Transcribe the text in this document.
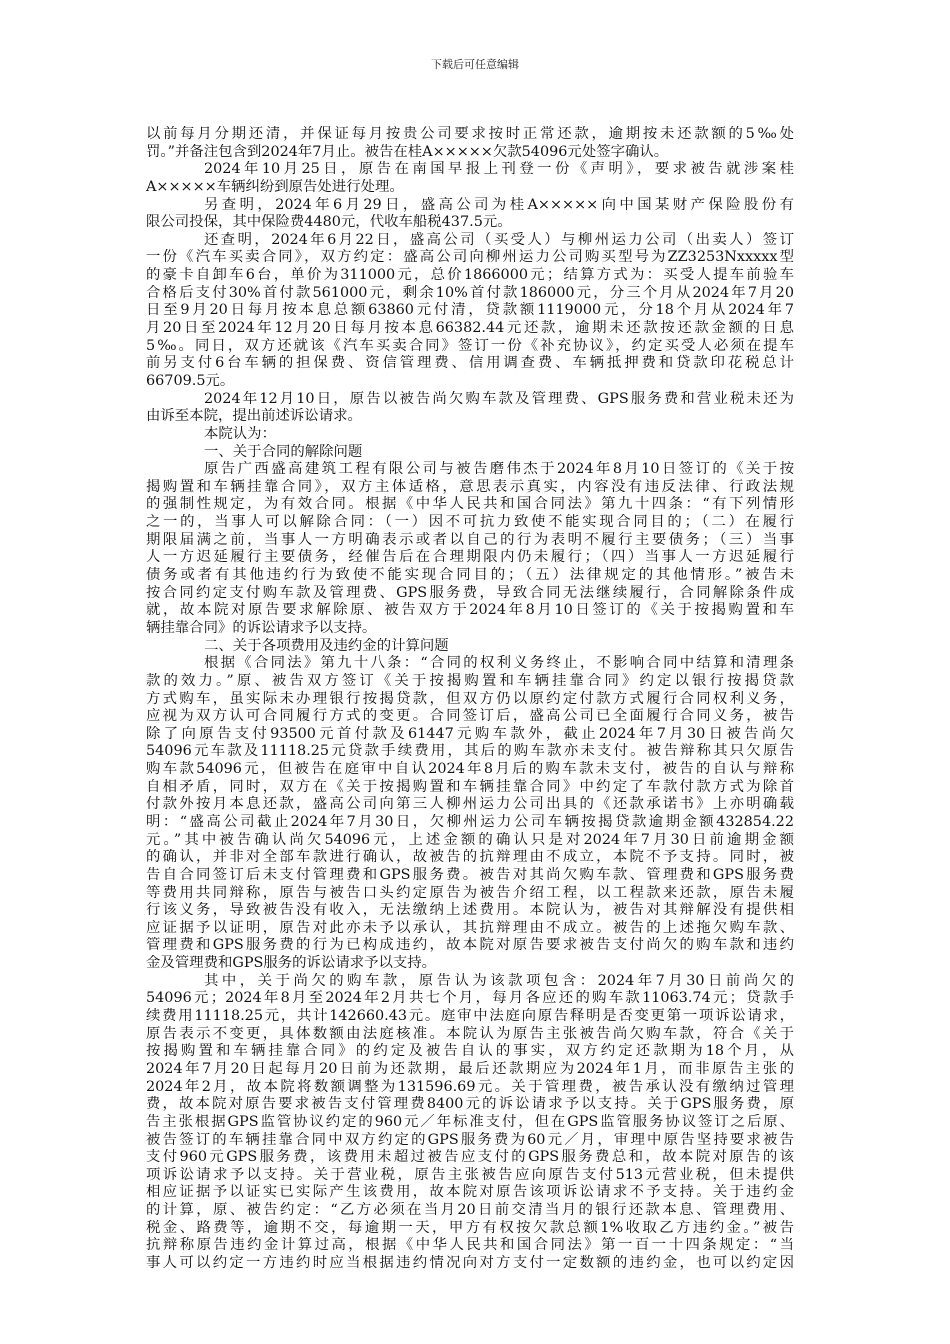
下载后可任意编辑
以前每月分期还清，并保证每月按贵公司要求按时正常还款，逾期按未还款额的5‰处
罚。”并备注包含到2024年7月止。被告在桂A×××××欠款54096元处签字确认。
2024年10月25日，原告在南国早报上刊登一份《声明》，要求被告就涉案桂
A×××××车辆纠纷到原告处进行处理。
另查明，2024年6月29日，盛高公司为桂A×××××向中国某财产保险股份有
限公司投保，其中保险费4480元，代收车船税437.5元。
还查明，2024年6月22日，盛高公司（买受人）与柳州运力公司（出卖人）签订
一份《汽车买卖合同》，双方约定：盛高公司向柳州运力公司购买型号为ZZ3253Nxxxxx型
的豪卡自卸车6台，单价为311000元，总价1866000元；结算方式为：买受人提车前验车
合格后支付30%首付款561000元，剩余10%首付款186000元，分三个月从2024年7月20
日至9月20日每月按本息总额63860元付清，贷款额1119000元，分18个月从2024年7
月20日至2024年12月20日每月按本息66382.44元还款，逾期未还款按还款金额的日息
5‰。同日，双方还就该《汽车买卖合同》签订一份《补充协议》，约定买受人必须在提车
前另支付6台车辆的担保费、资信管理费、信用调查费、车辆抵押费和贷款印花税总计
66709.5元。
2024年12月10日，原告以被告尚欠购车款及管理费、GPS服务费和营业税未还为
由诉至本院，提出前述诉讼请求。
本院认为：
一、关于合同的解除问题
原告广西盛高建筑工程有限公司与被告磨伟杰于2024年8月10日签订的《关于按
揭购置和车辆挂靠合同》，双方主体适格，意思表示真实，内容没有违反法律、行政法规
的强制性规定，为有效合同。根据《中华人民共和国合同法》第九十四条：“有下列情形
之一的，当事人可以解除合同：（一）因不可抗力致使不能实现合同目的；（二）在履行
期限届满之前，当事人一方明确表示或者以自己的行为表明不履行主要债务；（三）当事
人一方迟延履行主要债务，经催告后在合理期限内仍未履行；（四）当事人一方迟延履行
债务或者有其他违约行为致使不能实现合同目的；（五）法律规定的其他情形。”被告未
按合同约定支付购车款及管理费、GPS服务费，导致合同无法继续履行，合同解除条件成
就，故本院对原告要求解除原、被告双方于2024年8月10日签订的《关于按揭购置和车
辆挂靠合同》的诉讼请求予以支持。
二、关于各项费用及违约金的计算问题
根据《合同法》第九十八条：“合同的权利义务终止，不影响合同中结算和清理条
款的效力。”原、被告双方签订《关于按揭购置和车辆挂靠合同》约定以银行按揭贷款
方式购车，虽实际未办理银行按揭贷款，但双方仍以原约定付款方式履行合同权利义务，
应视为双方认可合同履行方式的变更。合同签订后，盛高公司已全面履行合同义务，被告
除了向原告支付93500元首付款及61447元购车款外，截止2024年7月30日被告尚欠
54096元车款及11118.25元贷款手续费用，其后的购车款亦未支付。被告辩称其只欠原告
购车款54096元，但被告在庭审中自认2024年8月后的购车款未支付，被告的自认与辩称
自相矛盾，同时，双方在《关于按揭购置和车辆挂靠合同》中约定了车款付款方式为除首
付款外按月本息还款，盛高公司向第三人柳州运力公司出具的《还款承诺书》上亦明确载
明：“盛高公司截止2024年7月30日，欠柳州运力公司车辆按揭贷款逾期金额432854.22
元。”其中被告确认尚欠54096元，上述金额的确认只是对2024年7月30日前逾期金额
的确认，并非对全部车款进行确认，故被告的抗辩理由不成立，本院不予支持。同时，被
告自合同签订后未支付管理费和GPS服务费。被告对其尚欠购车款、管理费和GPS服务费
等费用共同辩称，原告与被告口头约定原告为被告介绍工程，以工程款来还款，原告未履
行该义务，导致被告没有收入，无法缴纳上述费用。本院认为，被告对其辩解没有提供相
应证据予以证明，原告对此亦未予以承认，其抗辩理由不成立。被告的上述拖欠购车款、
管理费和GPS服务费的行为已构成违约，故本院对原告要求被告支付尚欠的购车款和违约
金及管理费和GPS服务的诉讼请求予以支持。
其中，关于尚欠的购车款，原告认为该款项包含：2024年7月30日前尚欠的
54096元；2024年8月至2024年2月共七个月，每月各应还的购车款11063.74元；贷款手
续费用11118.25元，共计142660.43元。庭审中法庭向原告释明是否变更第一项诉讼请求，
原告表示不变更，具体数额由法庭核准。本院认为原告主张被告尚欠购车款，符合《关于
按揭购置和车辆挂靠合同》的约定及被告自认的事实，双方约定还款期为18个月，从
2024年7月20日起每月20日前为还款期，最后还款期应为2024年1月，而非原告主张的
2024年2月，故本院将数额调整为131596.69元。关于管理费，被告承认没有缴纳过管理
费，故本院对原告要求被告支付管理费8400元的诉讼请求予以支持。关于GPS服务费，原
告主张根据GPS监管协议约定的960元／年标准支付，但在GPS监管服务协议签订之后原、
被告签订的车辆挂靠合同中双方约定的GPS服务费为60元／月，审理中原告坚持要求被告
支付960元GPS服务费，该费用未超过被告应支付的GPS服务费总和，故本院对原告的该
项诉讼请求予以支持。关于营业税，原告主张被告应向原告支付513元营业税，但未提供
相应证据予以证实已实际产生该费用，故本院对原告该项诉讼请求不予支持。关于违约金
的计算，原、被告约定：“乙方必须在当月20日前交清当月的银行还款本息、管理费用、
税金、路费等，逾期不交，每逾期一天，甲方有权按欠款总额1%收取乙方违约金。”被告
抗辩称原告违约金计算过高，根据《中华人民共和国合同法》第一百一十四条规定：“当
事人可以约定一方违约时应当根据违约情况向对方支付一定数额的违约金，也可以约定因
